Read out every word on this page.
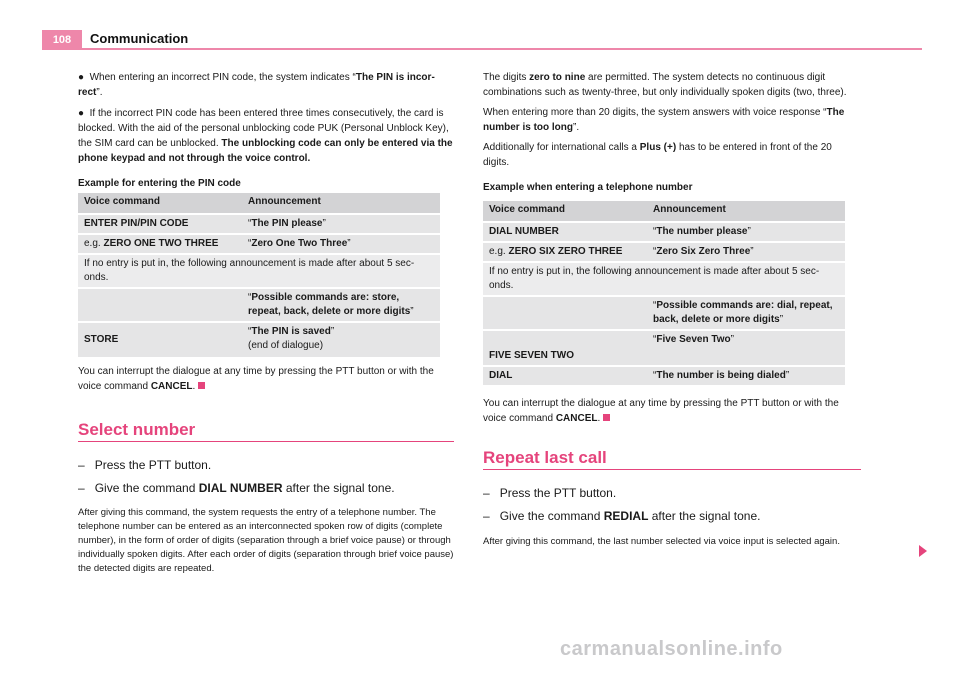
108	Communication

● When entering an incorrect PIN code, the system indicates “The PIN is incorrect”.

● If the incorrect PIN code has been entered three times consecutively, the card is blocked. With the aid of the personal unblocking code PUK (Personal Unblock Key), the SIM card can be unblocked. The unblocking code can only be entered via the phone keypad and not through the voice control.

Example for entering the PIN code

Voice command	Announcement
ENTER PIN/PIN CODE	“The PIN please”
e.g. ZERO ONE TWO THREE	“Zero One Two Three”
If no entry is put in, the following announcement is made after about 5 seconds.	
	“Possible commands are: store, repeat, back, delete or more digits”
STORE	“The PIN is saved”
(end of dialogue)

You can interrupt the dialogue at any time by pressing the PTT button or with the voice command CANCEL.

Select number
–   Press the PTT button.
–   Give the command DIAL NUMBER after the signal tone.
After giving this command, the system requests the entry of a telephone number. The telephone number can be entered as an interconnected spoken row of digits (complete number), in the form of order of digits (separation through a brief voice pause) or through individually spoken digits. After each order of digits (separation through brief voice pause) the detected digits are repeated.

The digits zero to nine are permitted. The system detects no continuous digit combinations such as twenty-three, but only individually spoken digits (two, three).

When entering more than 20 digits, the system answers with voice response “The number is too long”.

Additionally for international calls a Plus (+) has to be entered in front of the 20 digits.

Example when entering a telephone number

Voice command	Announcement
DIAL NUMBER	“The number please”
e.g. ZERO SIX ZERO THREE	“Zero Six Zero Three”
If no entry is put in, the following announcement is made after about 5 seconds.	
	“Possible commands are: dial, repeat, back, delete or more digits”
FIVE SEVEN TWO	“Five Seven Two”
DIAL	“The number is being dialed”

You can interrupt the dialogue at any time by pressing the PTT button or with the voice command CANCEL.

Repeat last call
–   Press the PTT button.
–   Give the command REDIAL after the signal tone.
After giving this command, the last number selected via voice input is selected again.
carmanualsonline.info
